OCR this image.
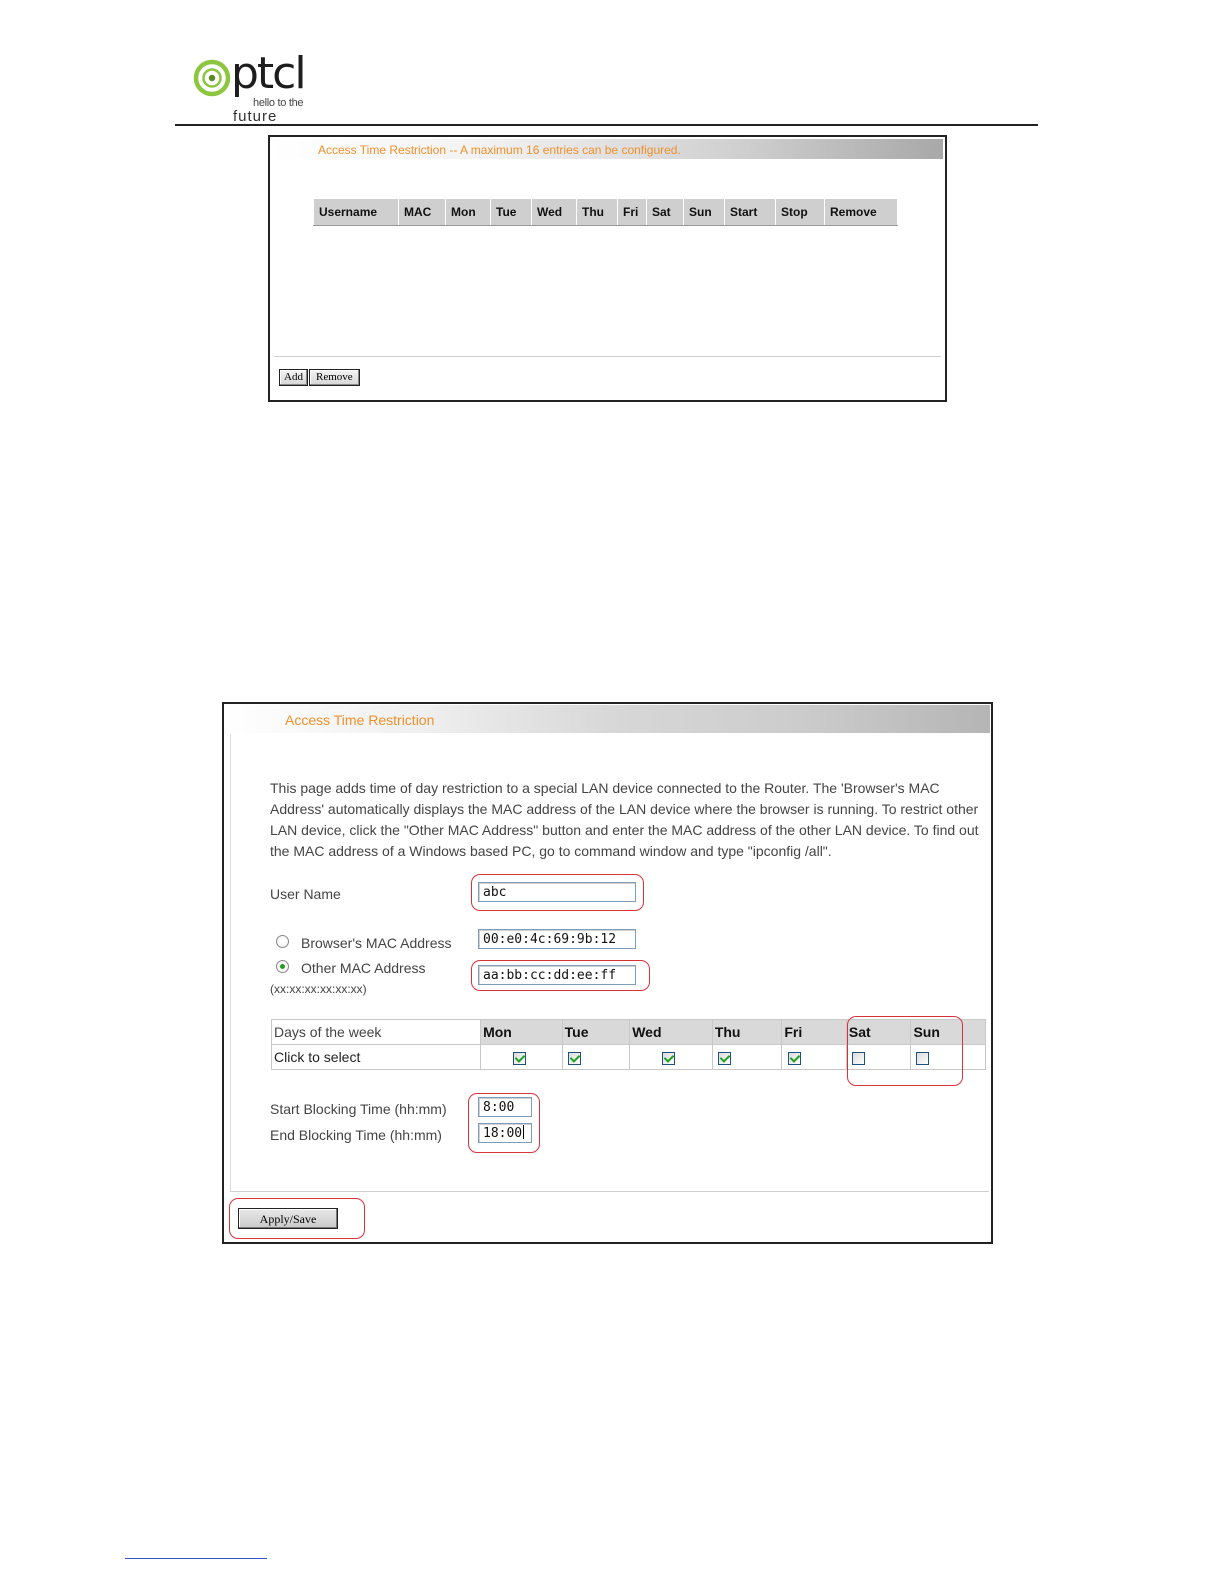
ptcl
hello to the
future
Access Time Restriction -- A maximum 16 entries can be configured.
Username	MAC	Mon	Tue	Wed	Thu	Fri	Sat	Sun	Start	Stop	Remove
Add	Remove
Access Time Restriction
This page adds time of day restriction to a special LAN device connected to the Router. The 'Browser's MAC Address' automatically displays the MAC address of the LAN device where the browser is running. To restrict other LAN device, click the "Other MAC Address" button and enter the MAC address of the other LAN device. To find out the MAC address of a Windows based PC, go to command window and type "ipconfig /all".
User Name	abc
Browser's MAC Address	00:e0:4c:69:9b:12
Other MAC Address
(xx:xx:xx:xx:xx:xx)
aa:bb:cc:dd:ee:ff
Days of the week	Mon	Tue	Wed	Thu	Fri	Sat	Sun
Click to select							
Start Blocking Time (hh:mm)	8:00
End Blocking Time (hh:mm)	18:00
Apply/Save
